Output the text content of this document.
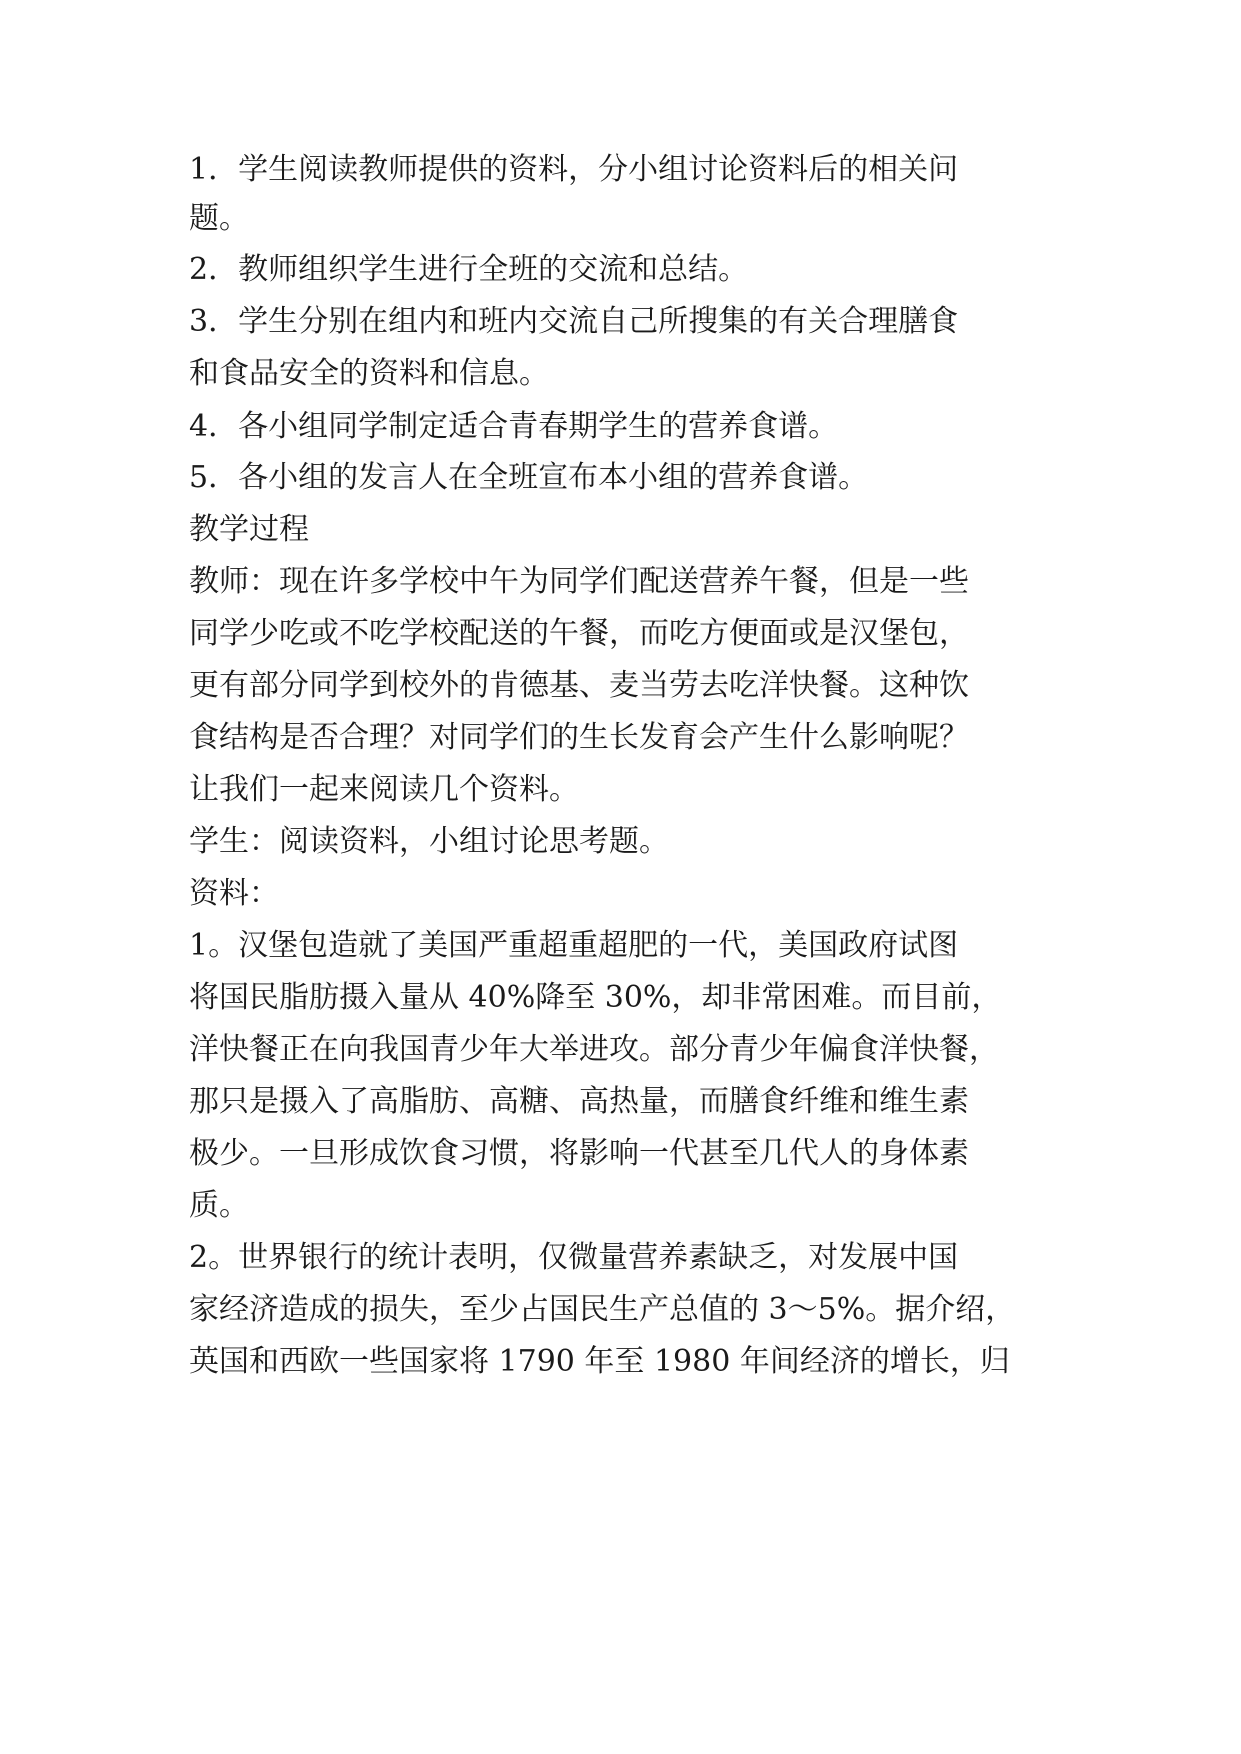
1．学生阅读教师提供的资料，分小组讨论资料后的相关问
题。
2．教师组织学生进行全班的交流和总结。
3．学生分别在组内和班内交流自己所搜集的有关合理膳食
和食品安全的资料和信息。
4．各小组同学制定适合青春期学生的营养食谱。
5．各小组的发言人在全班宣布本小组的营养食谱。
教学过程
教师：现在许多学校中午为同学们配送营养午餐，但是一些
同学少吃或不吃学校配送的午餐，而吃方便面或是汉堡包，
更有部分同学到校外的肯德基、麦当劳去吃洋快餐。这种饮
食结构是否合理？对同学们的生长发育会产生什么影响呢？
让我们一起来阅读几个资料。
学生：阅读资料，小组讨论思考题。
资料：
1。汉堡包造就了美国严重超重超肥的一代，美国政府试图
将国民脂肪摄入量从 40%降至 30%，却非常困难。而目前，
洋快餐正在向我国青少年大举进攻。部分青少年偏食洋快餐，
那只是摄入了高脂肪、高糖、高热量，而膳食纤维和维生素
极少。一旦形成饮食习惯，将影响一代甚至几代人的身体素
质。
2。世界银行的统计表明，仅微量营养素缺乏，对发展中国
家经济造成的损失，至少占国民生产总值的 3～5%。据介绍，
英国和西欧一些国家将 1790 年至 1980 年间经济的增长，归
